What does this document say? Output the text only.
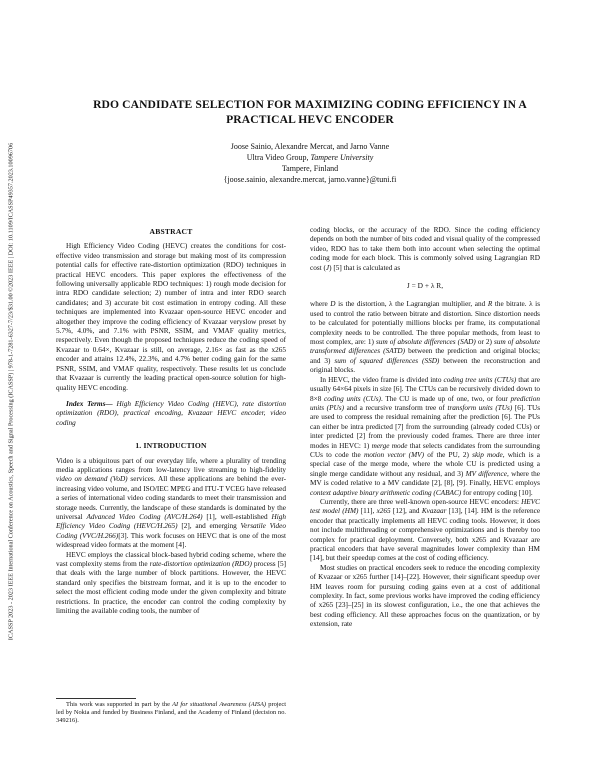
ICASSP 2023 - 2023 IEEE International Conference on Acoustics, Speech and Signal Processing (ICASSP) | 978-1-7281-6327-7/23/$31.00 ©2023 IEEE | DOI: 10.1109/ICASSP49357.2023.10096706
RDO CANDIDATE SELECTION FOR MAXIMIZING CODING EFFICIENCY IN A
PRACTICAL HEVC ENCODER
Joose Sainio, Alexandre Mercat, and Jarno Vanne
Ultra Video Group, Tampere University
Tampere, Finland
{joose.sainio, alexandre.mercat, jarno.vanne}@tuni.fi
ABSTRACT

High Efficiency Video Coding (HEVC) creates the conditions for cost-effective video transmission and storage but making most of its compression potential calls for effective rate-distortion optimization (RDO) techniques in practical HEVC encoders. This paper explores the effectiveness of the following universally applicable RDO techniques: 1) rough mode decision for intra RDO candidate selection; 2) number of intra and inter RDO search candidates; and 3) accurate bit cost estimation in entropy coding. All these techniques are implemented into Kvazaar open-source HEVC encoder and altogether they improve the coding efficiency of Kvazaar veryslow preset by 5.7%, 4.0%, and 7.1% with PSNR, SSIM, and VMAF quality metrics, respectively. Even though the proposed techniques reduce the coding speed of Kvazaar to 0.64×, Kvazaar is still, on average, 2.16× as fast as the x265 encoder and attains 12.4%, 22.3%, and 4.7% better coding gain for the same PSNR, SSIM, and VMAF quality, respectively. These results let us conclude that Kvazaar is currently the leading practical open-source solution for high-quality HEVC encoding.

Index Terms— High Efficiency Video Coding (HEVC), rate distortion optimization (RDO), practical encoding, Kvazaar HEVC encoder, video coding

1. INTRODUCTION

Video is a ubiquitous part of our everyday life, where a plurality of trending media applications ranges from low-latency live streaming to high-fidelity video on demand (VoD) services. All these applications are behind the ever-increasing video volume, and ISO/IEC MPEG and ITU-T VCEG have released a series of international video coding standards to meet their transmission and storage needs. Currently, the landscape of these standards is dominated by the universal Advanced Video Coding (AVC/H.264) [1], well-established High Efficiency Video Coding (HEVC/H.265) [2], and emerging Versatile Video Coding (VVC/H.266)[3]. This work focuses on HEVC that is one of the most widespread video formats at the moment [4].

HEVC employs the classical block-based hybrid coding scheme, where the vast complexity stems from the rate-distortion optimization (RDO) process [5] that deals with the large number of block partitions. However, the HEVC standard only specifies the bitstream format, and it is up to the encoder to select the most efficient coding mode under the given complexity and bitrate restrictions. In practice, the encoder can control the coding complexity by limiting the available coding tools, the number of

This work was supported in part by the AI for situational Awareness (AISA) project led by Nokia and funded by Business Finland, and the Academy of Finland (decision no. 349216).

coding blocks, or the accuracy of the RDO. Since the coding efficiency depends on both the number of bits coded and visual quality of the compressed video, RDO has to take them both into account when selecting the optimal coding mode for each block. This is commonly solved using Lagrangian RD cost (J) [5] that is calculated as

J = D + λ R,

where D is the distortion, λ the Lagrangian multiplier, and R the bitrate. λ is used to control the ratio between bitrate and distortion. Since distortion needs to be calculated for potentially millions blocks per frame, its computational complexity needs to be controlled. The three popular methods, from least to most complex, are: 1) sum of absolute differences (SAD) or 2) sum of absolute transformed differences (SATD) between the prediction and original blocks; and 3) sum of squared differences (SSD) between the reconstruction and original blocks.

In HEVC, the video frame is divided into coding tree units (CTUs) that are usually 64×64 pixels in size [6]. The CTUs can be recursively divided down to 8×8 coding units (CUs). The CU is made up of one, two, or four prediction units (PUs) and a recursive transform tree of transform units (TUs) [6]. TUs are used to compress the residual remaining after the prediction [6]. The PUs can either be intra predicted [7] from the surrounding (already coded CUs) or inter predicted [2] from the previously coded frames. There are three inter modes in HEVC: 1) merge mode that selects candidates from the surrounding CUs to code the motion vector (MV) of the PU, 2) skip mode, which is a special case of the merge mode, where the whole CU is predicted using a single merge candidate without any residual, and 3) MV difference, where the MV is coded relative to a MV candidate [2], [8], [9]. Finally, HEVC employs context adaptive binary arithmetic coding (CABAC) for entropy coding [10].

Currently, there are three well-known open-source HEVC encoders: HEVC test model (HM) [11], x265 [12], and Kvazaar [13], [14]. HM is the reference encoder that practically implements all HEVC coding tools. However, it does not include multithreading or comprehensive optimizations and is thereby too complex for practical deployment. Conversely, both x265 and Kvazaar are practical encoders that have several magnitudes lower complexity than HM [14], but their speedup comes at the cost of coding efficiency.

Most studies on practical encoders seek to reduce the encoding complexity of Kvazaar or x265 further [14]–[22]. However, their significant speedup over HM leaves room for pursuing coding gains even at a cost of additional complexity. In fact, some previous works have improved the coding efficiency of x265 [23]–[25] in its slowest configuration, i.e., the one that achieves the best coding efficiency. All these approaches focus on the quantization, or by extension, rate
